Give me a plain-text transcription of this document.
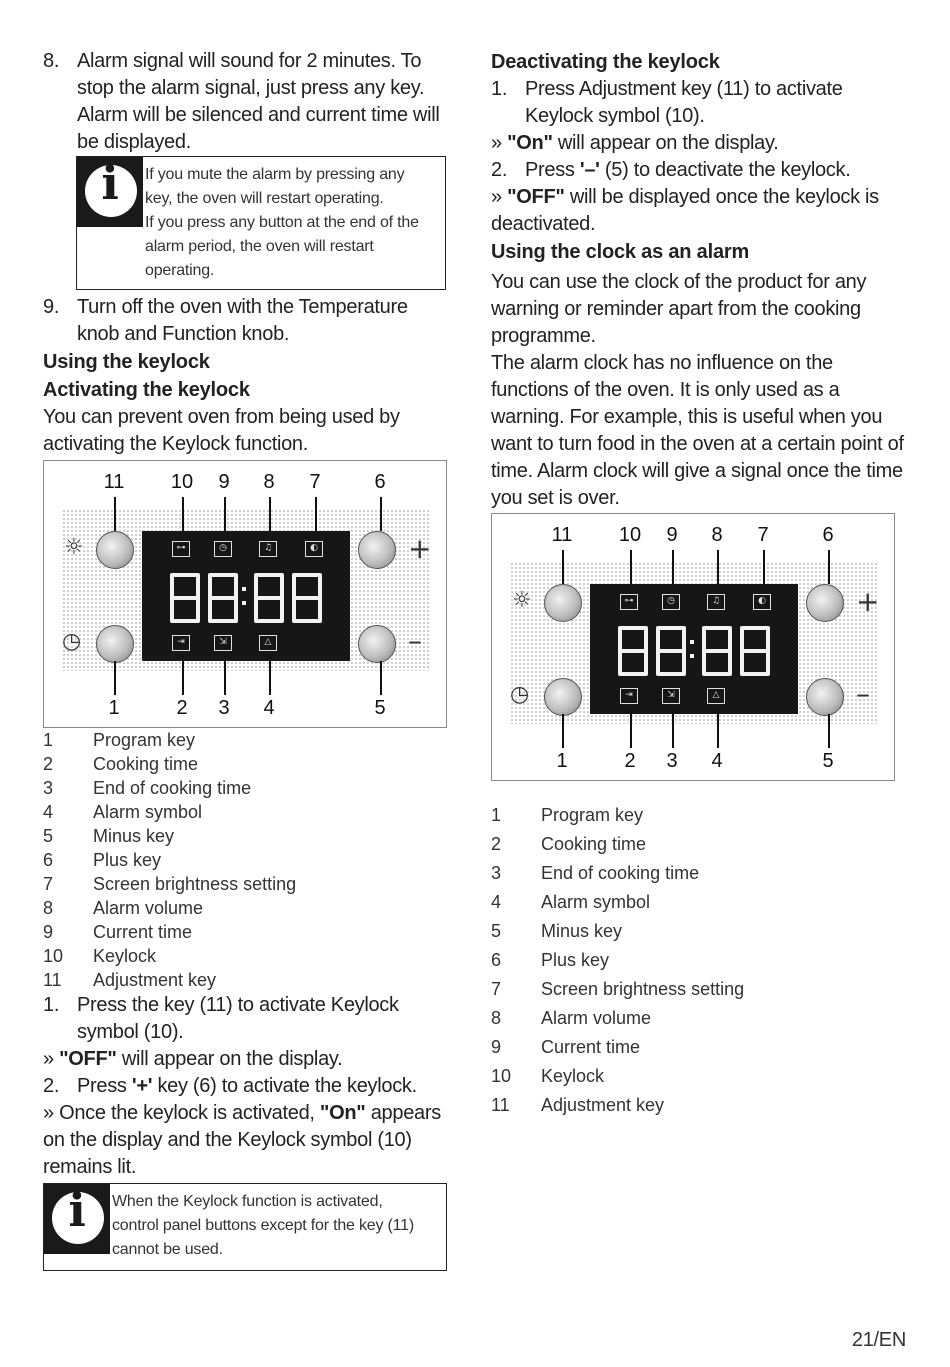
8. Alarm signal will sound for 2 minutes. To stop the alarm signal, just press any key. Alarm will be silenced and current time will be displayed.
i	If you mute the alarm by pressing any
key, the oven will restart operating.
If you press any button at the end of the
alarm period, the oven will restart
operating.
9. Turn off the oven with the Temperature knob and Function knob.
Using the keylock
Activating the keylock
You can prevent oven from being used by activating the Keylock function.
11 10	9	8	7	6
☼
◷
+
–
⊶	◷	♫	◐
⇥	⇲	△
1	2	3	4	5
1	Program key
2	Cooking time
3	End of cooking time
4	Alarm symbol
5	Minus key
6	Plus key
7	Screen brightness setting
8	Alarm volume
9	Current time
10	Keylock
11	Adjustment key
1. Press the key (11) to activate Keylock symbol (10).
» "OFF" will appear on the display.
2. Press '+' key (6) to activate the keylock.
» Once the keylock is activated, "On" appears on the display and the Keylock symbol (10) remains lit.
i	When the Keylock function is activated,
control panel buttons except for the key (11)
cannot be used.
Deactivating the keylock
1. Press Adjustment key (11) to activate Keylock symbol (10).
» "On" will appear on the display.
2. Press '–' (5) to deactivate the keylock.
» "OFF" will be displayed once the keylock is deactivated.
Using the clock as an alarm
You can use the clock of the product for any warning or reminder apart from the cooking programme.
The alarm clock has no influence on the functions of the oven. It is only used as a warning. For example, this is useful when you want to turn food in the oven at a certain point of time. Alarm clock will give a signal once the time you set is over.
11 10	9	8	7	6
☼
◷
+
–
⊶	◷	♫	◐
⇥	⇲	△
1	2	3	4	5
1	Program key
2	Cooking time
3	End of cooking time
4	Alarm symbol
5	Minus key
6	Plus key
7	Screen brightness setting
8	Alarm volume
9	Current time
10	Keylock
11	Adjustment key
21/EN
